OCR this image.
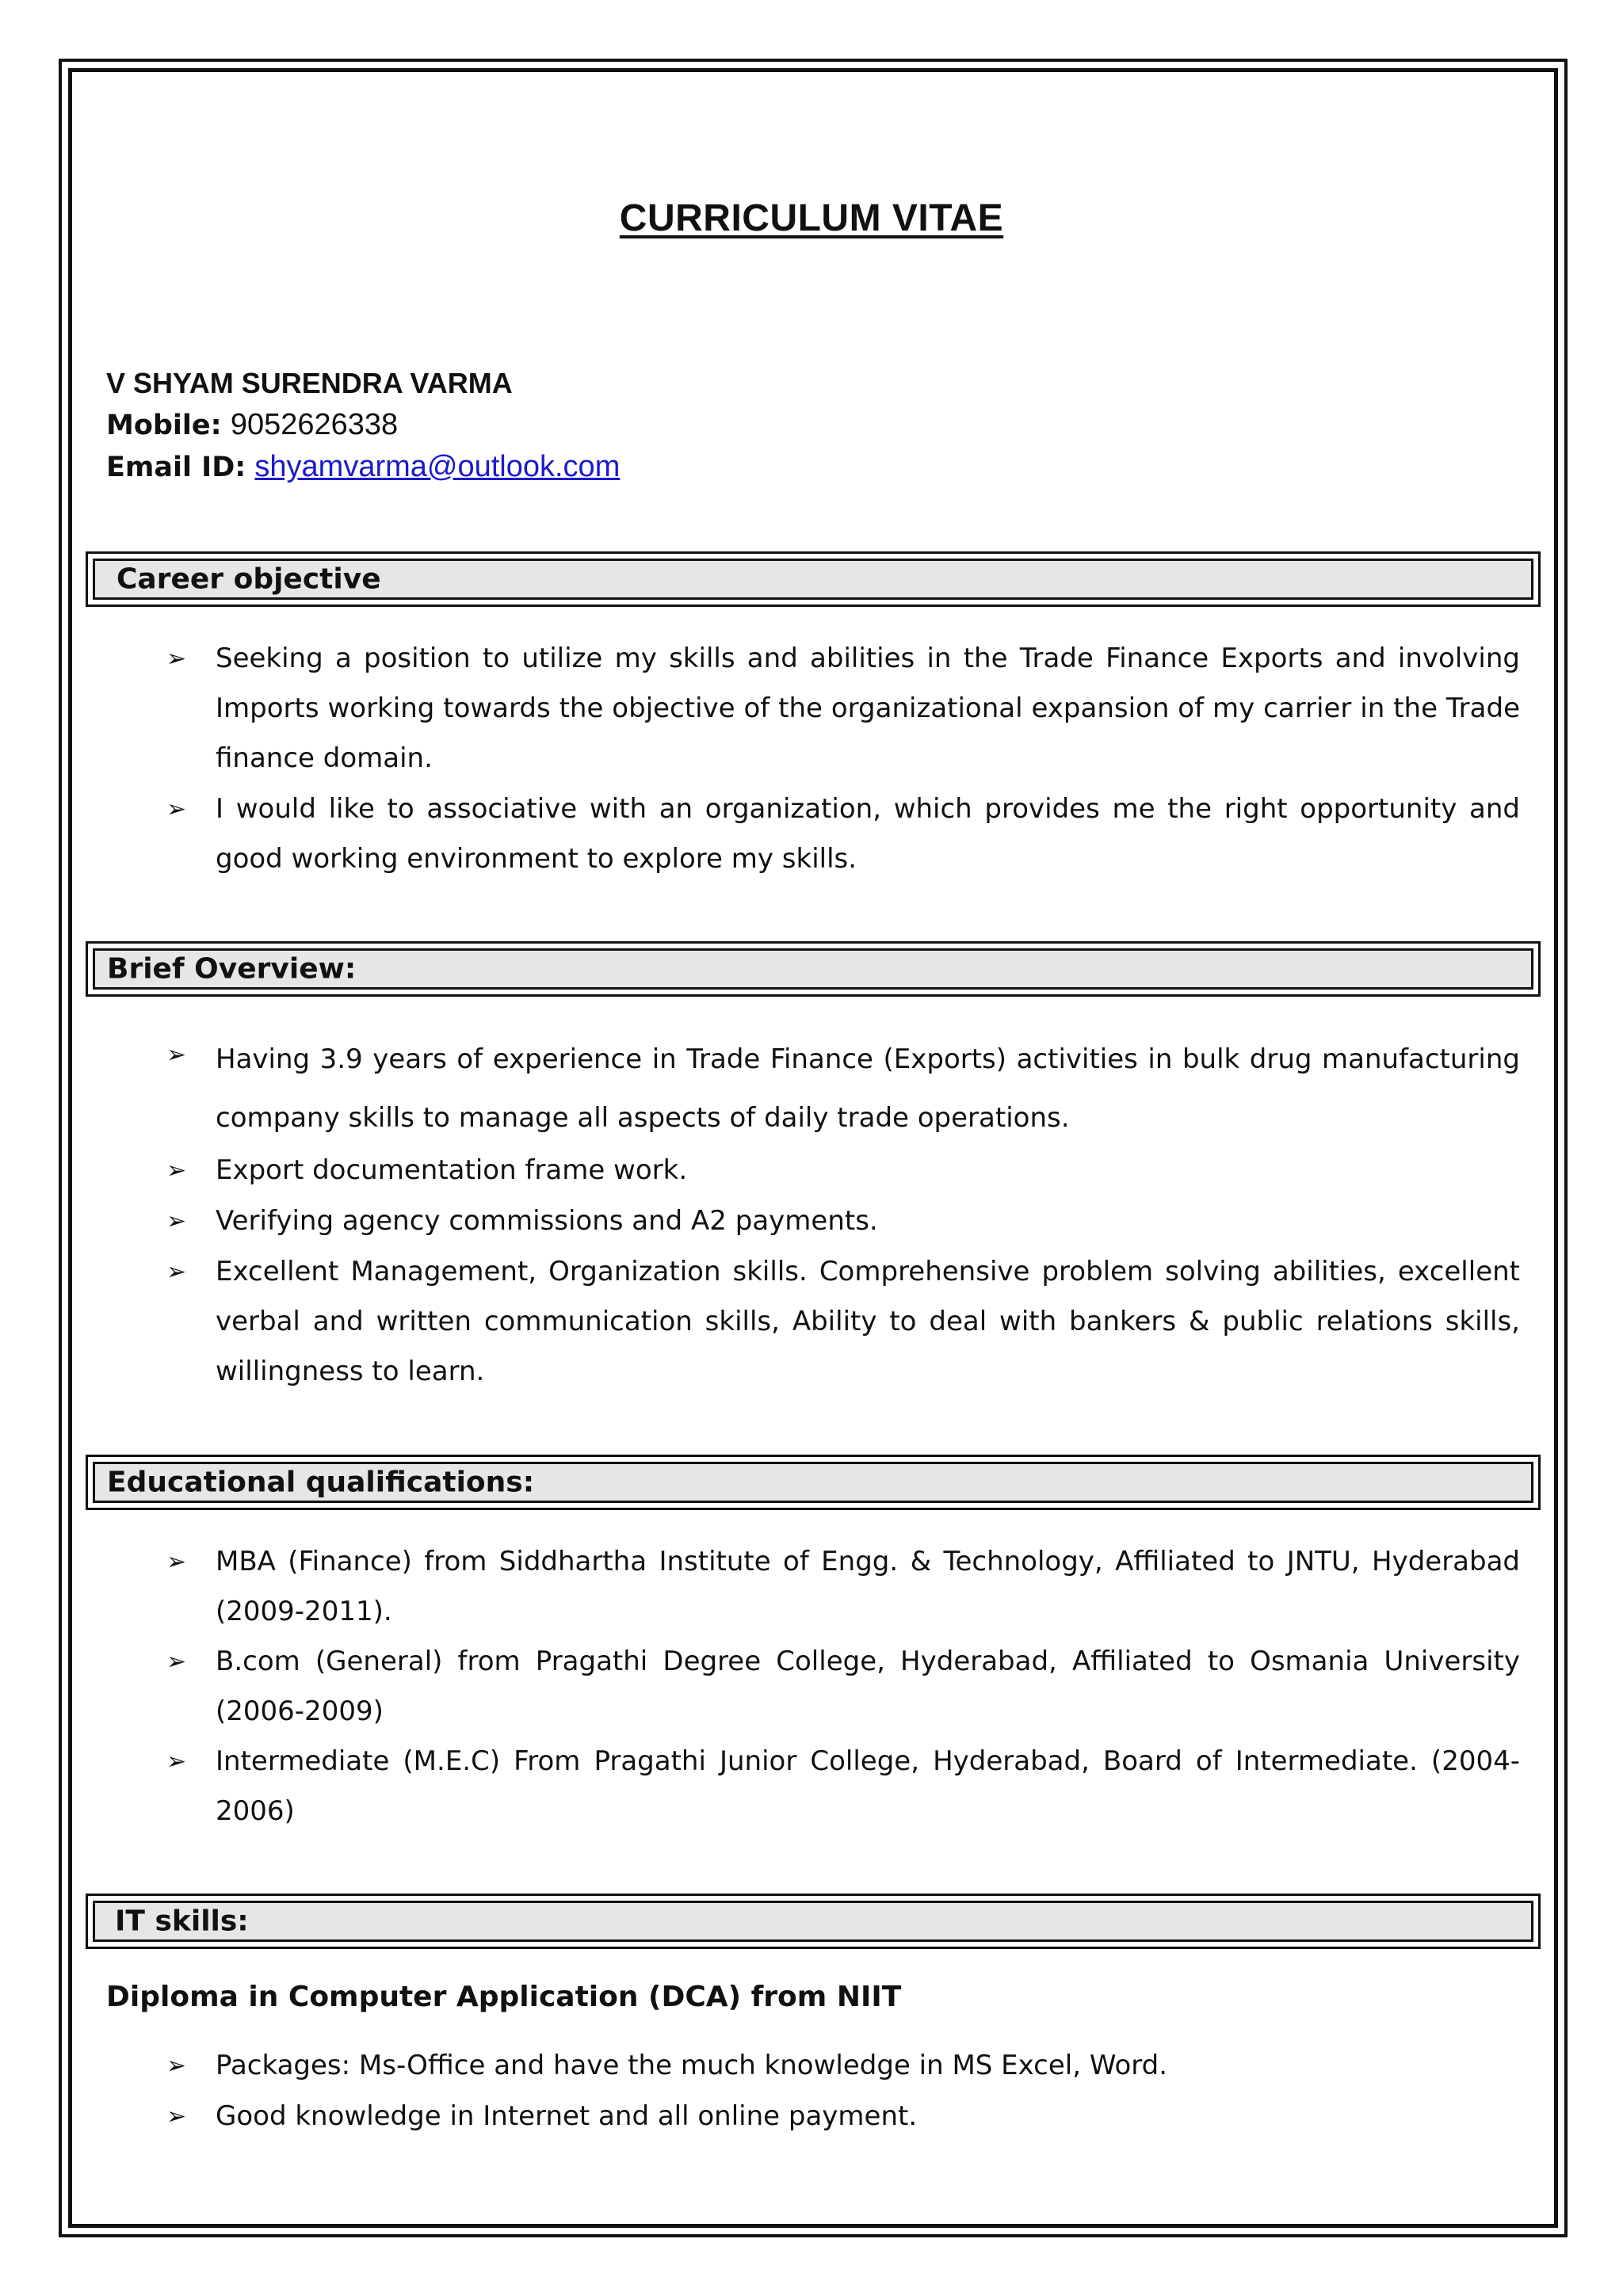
CURRICULUM VITAE
V SHYAM SURENDRA VARMA
Mobile: 9052626338
Email ID: shyamvarma@outlook.com
Career objective
➢ Seeking a position to utilize my skills and abilities in the Trade Finance Exports and involving Imports working towards the objective of the organizational expansion of my carrier in the Trade finance domain.
➢ I would like to associative with an organization, which provides me the right opportunity and good working environment to explore my skills.
Brief Overview:
➢ Having 3.9 years of experience in Trade Finance (Exports) activities in bulk drug manufacturing company skills to manage all aspects of daily trade operations.
➢ Export documentation frame work.
➢ Verifying agency commissions and A2 payments.
➢ Excellent Management, Organization skills. Comprehensive problem solving abilities, excellent verbal and written communication skills, Ability to deal with bankers & public relations skills, willingness to learn.
Educational qualifications:
➢ MBA (Finance) from Siddhartha Institute of Engg. & Technology, Affiliated to JNTU, Hyderabad (2009-2011).
➢ B.com (General) from Pragathi Degree College, Hyderabad, Affiliated to Osmania University (2006-2009)
➢ Intermediate (M.E.C) From Pragathi Junior College, Hyderabad, Board of Intermediate. (2004-2006)
IT skills:
Diploma in Computer Application (DCA) from NIIT
➢ Packages: Ms-Office and have the much knowledge in MS Excel, Word.
➢ Good knowledge in Internet and all online payment.
